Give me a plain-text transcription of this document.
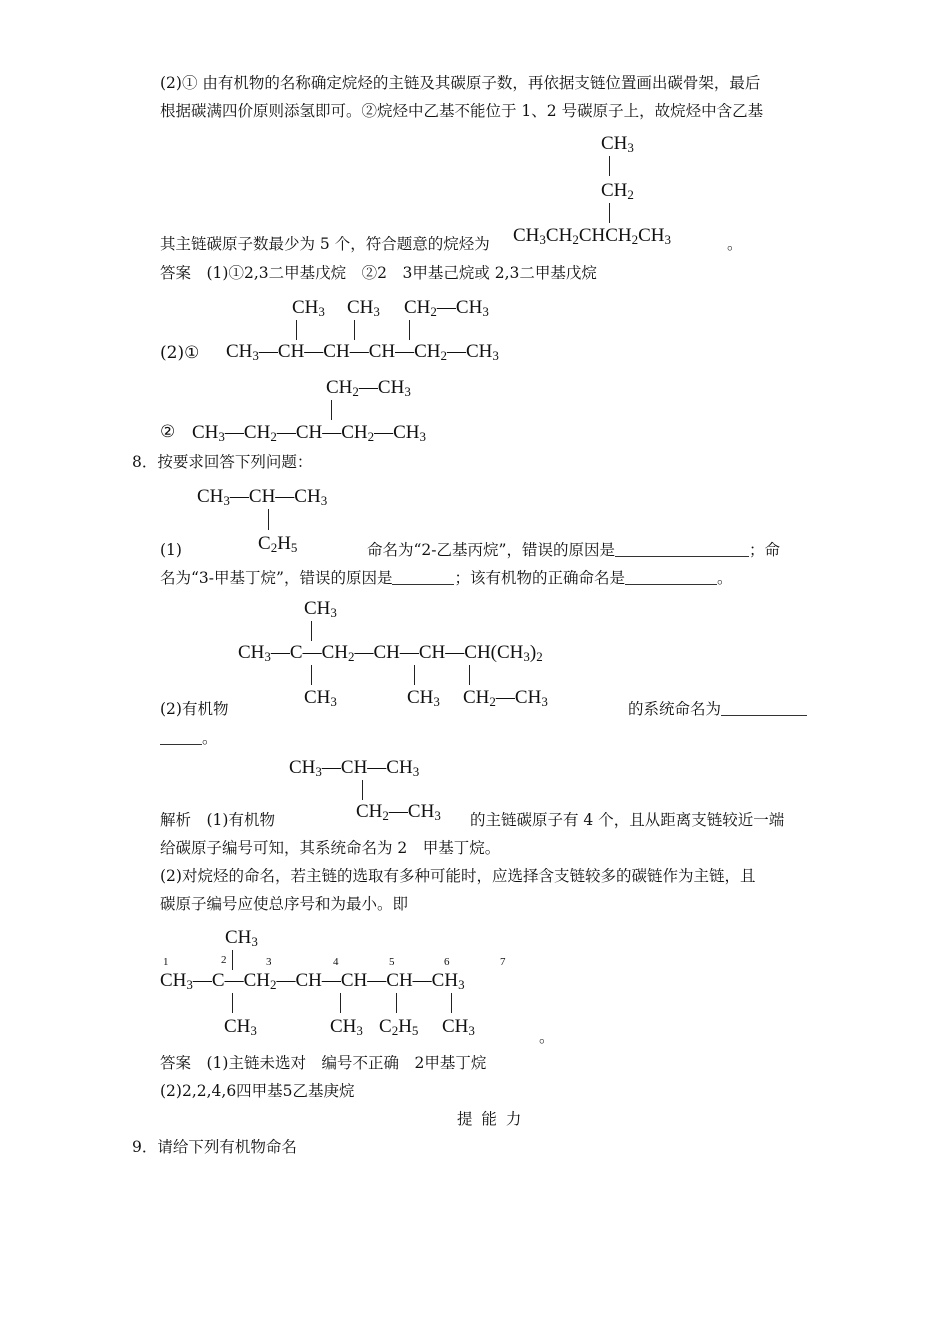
(2)① 由有机物的名称确定烷烃的主链及其碳原子数，再依据支链位置画出碳骨架，最后
根据碳满四价原则添氢即可。②烷烃中乙基不能位于 1、2 号碳原子上，故烷烃中含乙基
$CH_3$
$CH_2$
$CH_3CH_2CHCH_2CH_3$
其主链碳原子数最少为 5 个，符合题意的烷烃为	。
答案　(1)①2,3二甲基戊烷　②2　3甲基己烷或 2,3二甲基戊烷
(2)①
$CH_3$ $CH_3$ $CH_2—CH_3$
$CH_3—CH—CH—CH—CH_2—CH_3$
②
$CH_2—CH_3$
$CH_3—CH_2—CH—CH_2—CH_3$
8．按要求回答下列问题：
$CH_3—CH—CH_3$
$C_2H_5$
(1)	命名为“2-乙基丙烷”，错误的原因是	；命
名为“3-甲基丁烷”，错误的原因是	；该有机物的正确命名是	。
$CH_3$
$CH_3—C—CH_2—CH—CH—CH(CH_3)_2$
$CH_3$	$CH_3$ $CH_2—CH_3$
(2)有机物	的系统命名为
。
$CH_3—CH—CH_3$
$CH_2—CH_3$
解析　(1)有机物	的主链碳原子有 4 个，且从距离支链较近一端
给碳原子编号可知，其系统命名为 2　甲基丁烷。
(2)对烷烃的命名，若主链的选取有多种可能时，应选择含支链较多的碳链作为主链，且
碳原子编号应使总序号和为最小。即
$CH_3$
1	2	3	4	5	6	7
$CH_3—C—CH_2—CH—CH—CH—CH_3$
$CH_3$	$CH_3$ $C_2H_5$ $CH_3$	。
答案　(1)主链未选对　编号不正确　2甲基丁烷
(2)2,2,4,6四甲基5乙基庚烷
提 能 力
9．请给下列有机物命名
